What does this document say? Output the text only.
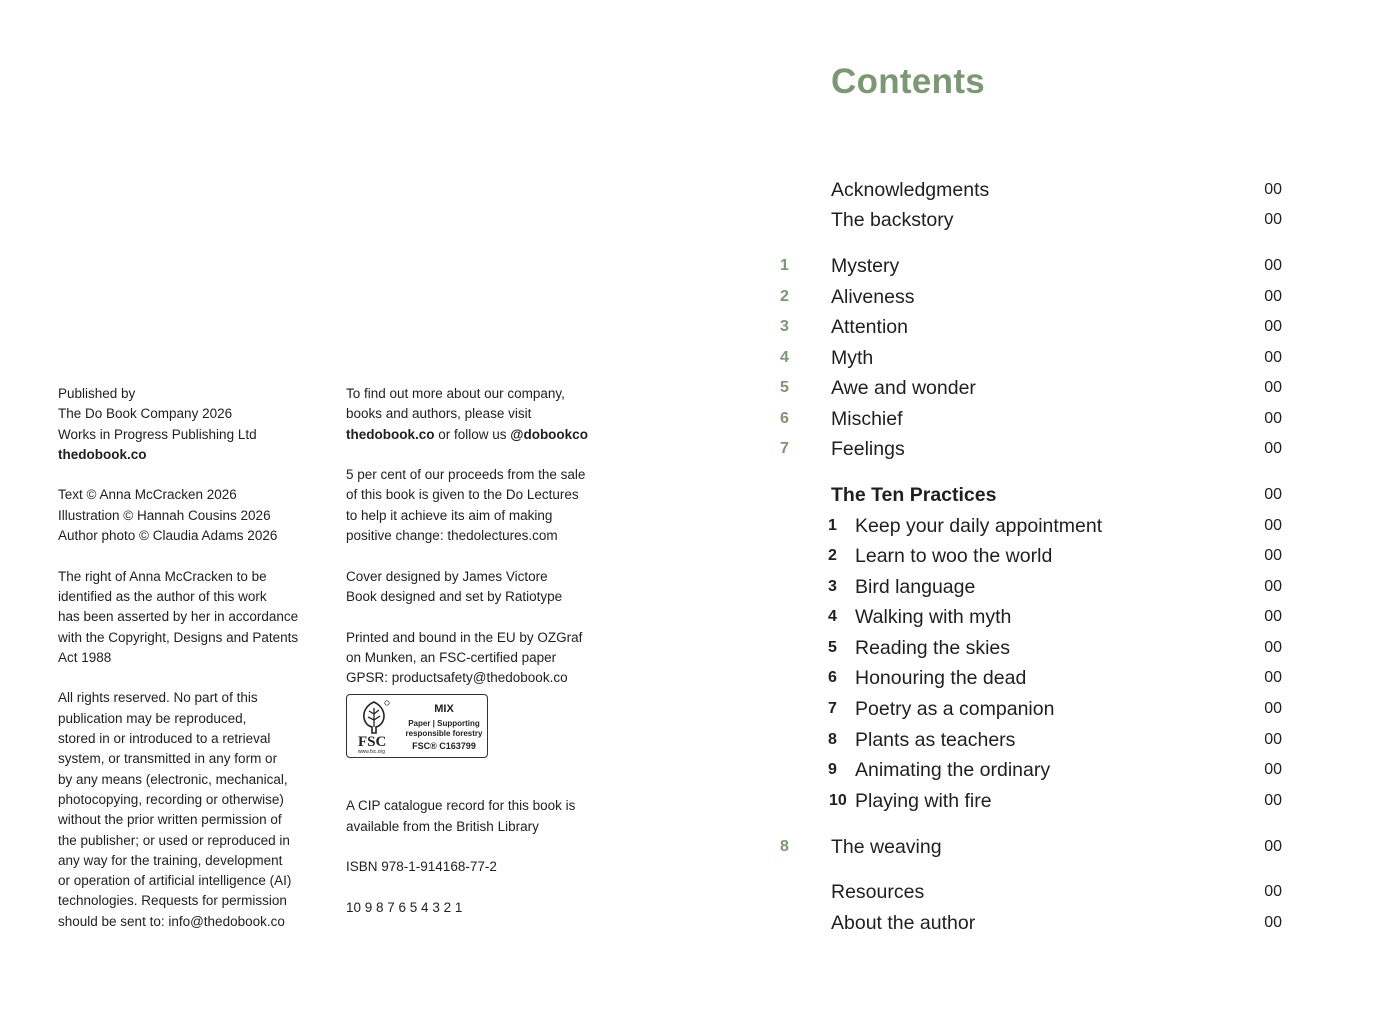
Published by
The Do Book Company 2026
Works in Progress Publishing Ltd
thedobook.co

Text © Anna McCracken 2026
Illustration © Hannah Cousins 2026
Author photo © Claudia Adams 2026

The right of Anna McCracken to be
identified as the author of this work
has been asserted by her in accordance
with the Copyright, Designs and Patents
Act 1988

All rights reserved. No part of this
publication may be reproduced,
stored in or introduced to a retrieval
system, or transmitted in any form or
by any means (electronic, mechanical,
photocopying, recording or otherwise)
without the prior written permission of
the publisher; or used or reproduced in
any way for the training, development
or operation of artificial intelligence (AI)
technologies. Requests for permission
should be sent to: info@thedobook.co

To find out more about our company,
books and authors, please visit
thedobook.co or follow us @dobookco

5 per cent of our proceeds from the sale
of this book is given to the Do Lectures
to help it achieve its aim of making
positive change: thedolectures.com

Cover designed by James Victore
Book designed and set by Ratiotype

Printed and bound in the EU by OZGraf
on Munken, an FSC-certified paper
GPSR: productsafety@thedobook.co

FSC
www.fsc.org
MIX
Paper | Supporting responsible forestry
FSC® C163799

A CIP catalogue record for this book is
available from the British Library

ISBN 978-1-914168-77-2

10 9 8 7 6 5 4 3 2 1

Contents
Acknowledgments	00
The backstory	00
1	Mystery	00
2	Aliveness	00
3	Attention	00
4	Myth	00
5	Awe and wonder	00
6	Mischief	00
7	Feelings	00
The Ten Practices	00
1 Keep your daily appointment	00
2 Learn to woo the world	00
3 Bird language	00
4 Walking with myth	00
5 Reading the skies	00
6 Honouring the dead	00
7 Poetry as a companion	00
8 Plants as teachers	00
9 Animating the ordinary	00
10 Playing with fire	00
8	The weaving	00
Resources	00
About the author	00
